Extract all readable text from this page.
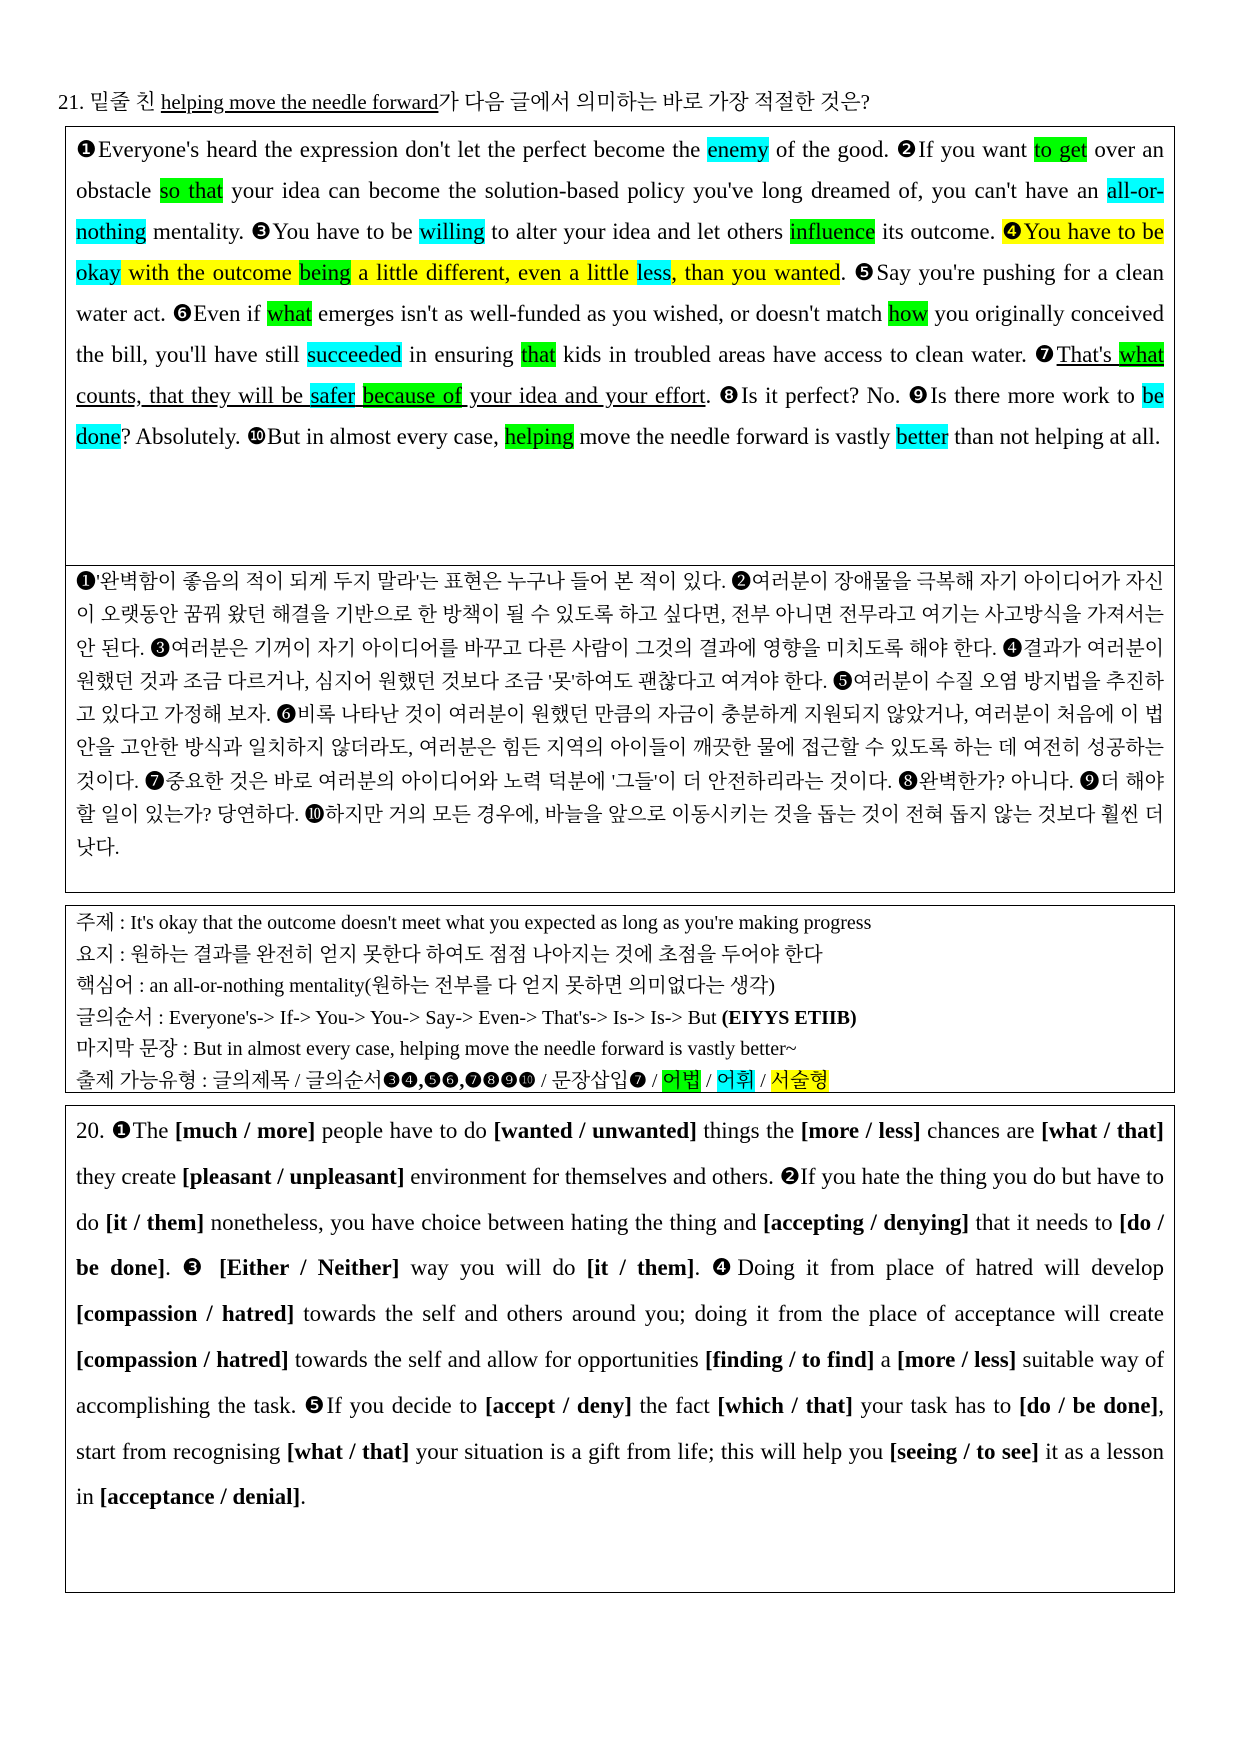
21. 밑줄 친 helping move the needle forward가 다음 글에서 의미하는 바로 가장 적절한 것은?
❶Everyone's heard the expression don't let the perfect become the enemy of the good. ❷If you want to get over an obstacle so that your idea can become the solution-based policy you've long dreamed of, you can't have an all-or-nothing mentality. ❸You have to be willing to alter your idea and let others influence its outcome. ❹You have to be okay with the outcome being a little different, even a little less, than you wanted. ❺Say you're pushing for a clean water act. ❻Even if what emerges isn't as well-funded as you wished, or doesn't match how you originally conceived the bill, you'll have still succeeded in ensuring that kids in troubled areas have access to clean water. ❼That's what counts, that they will be safer because of your idea and your effort. ❽Is it perfect? No. ❾Is there more work to be done? Absolutely. ❿But in almost every case, helping move the needle forward is vastly better than not helping at all.
❶'완벽함이 좋음의 적이 되게 두지 말라'는 표현은 누구나 들어 본 적이 있다. ❷여러분이 장애물을 극복해 자기 아이디어가 자신이 오랫동안 꿈꿔 왔던 해결을 기반으로 한 방책이 될 수 있도록 하고 싶다면, 전부 아니면 전무라고 여기는 사고방식을 가져서는 안 된다. ❸여러분은 기꺼이 자기 아이디어를 바꾸고 다른 사람이 그것의 결과에 영향을 미치도록 해야 한다. ❹결과가 여러분이 원했던 것과 조금 다르거나, 심지어 원했던 것보다 조금 '못'하여도 괜찮다고 여겨야 한다. ❺여러분이 수질 오염 방지법을 추진하고 있다고 가정해 보자. ❻비록 나타난 것이 여러분이 원했던 만큼의 자금이 충분하게 지원되지 않았거나, 여러분이 처음에 이 법안을 고안한 방식과 일치하지 않더라도, 여러분은 힘든 지역의 아이들이 깨끗한 물에 접근할 수 있도록 하는 데 여전히 성공하는 것이다. ❼중요한 것은 바로 여러분의 아이디어와 노력 덕분에 '그들'이 더 안전하리라는 것이다. ❽완벽한가? 아니다. ❾더 해야 할 일이 있는가? 당연하다. ❿하지만 거의 모든 경우에, 바늘을 앞으로 이동시키는 것을 돕는 것이 전혀 돕지 않는 것보다 훨씬 더 낫다.
주제 : It's okay that the outcome doesn't meet what you expected as long as you're making progress
요지 : 원하는 결과를 완전히 얻지 못한다 하여도 점점 나아지는 것에 초점을 두어야 한다
핵심어 : an all-or-nothing mentality(원하는 전부를 다 얻지 못하면 의미없다는 생각)
글의순서 : Everyone's-> If-> You-> You-> Say-> Even-> That's-> Is-> Is-> But (EIYYS ETIIB)
마지막 문장 : But in almost every case, helping move the needle forward is vastly better~
출제 가능유형 : 글의제목 / 글의순서❸❹,❺❻,❼❽❾❿ / 문장삽입❼ / 어법 / 어휘 / 서술형
20. ❶The [much / more] people have to do [wanted / unwanted] things the [more / less] chances are [what / that] they create [pleasant / unpleasant] environment for themselves and others. ❷If you hate the thing you do but have to do [it / them] nonetheless, you have choice between hating the thing and [accepting / denying] that it needs to [do / be done]. ❸ [Either / Neither] way you will do [it / them]. ❹Doing it from place of hatred will develop [compassion / hatred] towards the self and others around you; doing it from the place of acceptance will create [compassion / hatred] towards the self and allow for opportunities [finding / to find] a [more / less] suitable way of accomplishing the task. ❺If you decide to [accept / deny] the fact [which / that] your task has to [do / be done], start from recognising [what / that] your situation is a gift from life; this will help you [seeing / to see] it as a lesson in [acceptance / denial].
